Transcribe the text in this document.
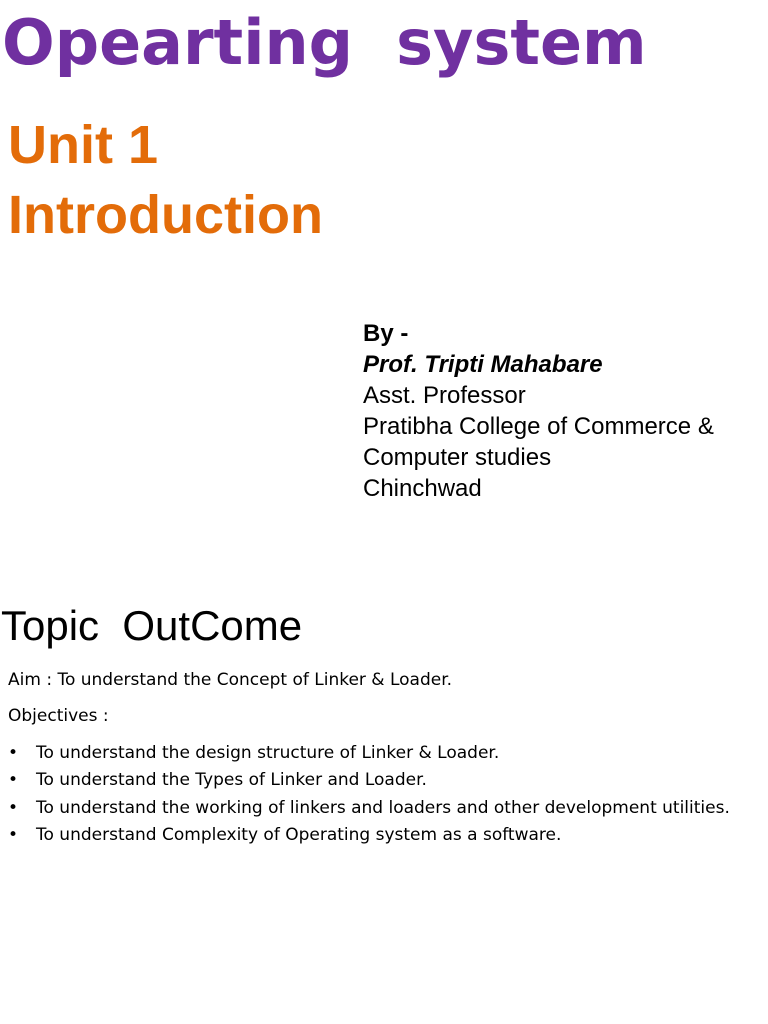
Opearting  system
Unit 1
Introduction
By -
Prof. Tripti Mahabare
Asst. Professor
Pratibha College of Commerce &
Computer studies
Chinchwad
Topic  OutCome
Aim : To understand the Concept of Linker & Loader.
Objectives :
• To understand the design structure of Linker & Loader.
• To understand the Types of Linker and Loader.
• To understand the working of linkers and loaders and other development utilities.
• To understand Complexity of Operating system as a software.
